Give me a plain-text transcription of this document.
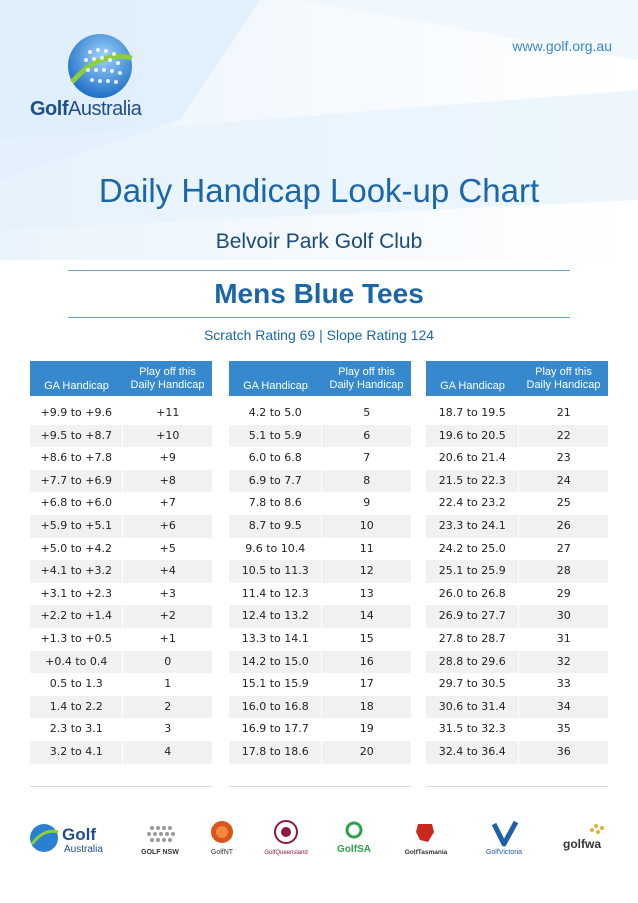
www.golf.org.au
GolfAustralia
Daily Handicap Look-up Chart
Belvoir Park Golf Club
Mens Blue Tees
Scratch Rating 69 | Slope Rating 124
GA Handicap
Play off this
Daily Handicap
+9.9 to +9.6	+11
+9.5 to +8.7	+10
+8.6 to +7.8	+9
+7.7 to +6.9	+8
+6.8 to +6.0	+7
+5.9 to +5.1	+6
+5.0 to +4.2	+5
+4.1 to +3.2	+4
+3.1 to +2.3	+3
+2.2 to +1.4	+2
+1.3 to +0.5	+1
+0.4 to 0.4	0
0.5 to 1.3	1
1.4 to 2.2	2
2.3 to 3.1	3
3.2 to 4.1	4
GA Handicap
Play off this
Daily Handicap
4.2 to 5.0	5
5.1 to 5.9	6
6.0 to 6.8	7
6.9 to 7.7	8
7.8 to 8.6	9
8.7 to 9.5	10
9.6 to 10.4	11
10.5 to 11.3	12
11.4 to 12.3	13
12.4 to 13.2	14
13.3 to 14.1	15
14.2 to 15.0	16
15.1 to 15.9	17
16.0 to 16.8	18
16.9 to 17.7	19
17.8 to 18.6	20
GA Handicap
Play off this
Daily Handicap
18.7 to 19.5	21
19.6 to 20.5	22
20.6 to 21.4	23
21.5 to 22.3	24
22.4 to 23.2	25
23.3 to 24.1	26
24.2 to 25.0	27
25.1 to 25.9	28
26.0 to 26.8	29
26.9 to 27.7	30
27.8 to 28.7	31
28.8 to 29.6	32
29.7 to 30.5	33
30.6 to 31.4	34
31.5 to 32.3	35
32.4 to 36.4	36
Golf
Australia	GOLF NSW	GolfNT	GolfQueensland	GolfSA	GolfTasmania	GolfVictoria
golfwa
